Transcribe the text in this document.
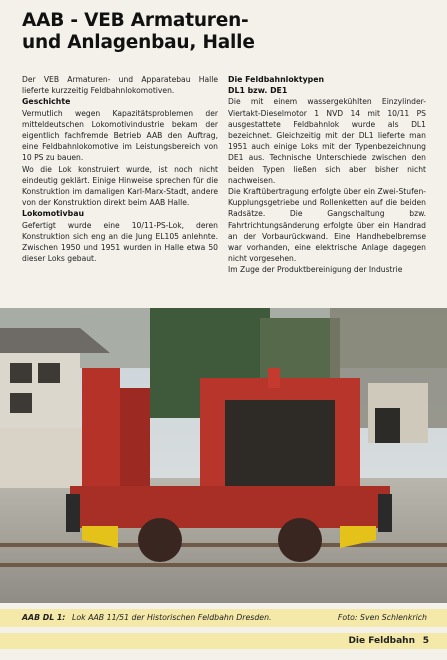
AAB - VEB Armaturen-
und Anlagenbau, Halle

Der VEB Armaturen- und Apparatebau Halle lieferte kurzzeitig Feldbahnlokomotiven.

Geschichte

Vermutlich wegen Kapazitätsproblemen der mitteldeutschen Lokomotivindustrie bekam der eigentlich fachfremde Betrieb AAB den Auftrag, eine Feldbahnlokomotive im Leistungsbereich von 10 PS zu bauen.

Wo die Lok konstruiert wurde, ist noch nicht eindeutig geklärt. Einige Hinweise sprechen für die Konstruktion im damaligen Karl-Marx-Stadt, andere von der Konstruktion direkt beim AAB Halle.

Lokomotivbau

Gefertigt wurde eine 10/11-PS-Lok, deren Konstruktion sich eng an die Jung EL105 anlehnte. Zwischen 1950 und 1951 wurden in Halle etwa 50 dieser Loks gebaut.

Die Feldbahnloktypen
DL1 bzw. DE1

Die mit einem wassergekühlten Einzylinder-Viertakt-Dieselmotor 1 NVD 14 mit 10/11 PS ausgestattete Feldbahnlok wurde als DL1 bezeichnet. Gleichzeitig mit der DL1 lieferte man 1951 auch einige Loks mit der Typenbezeichnung DE1 aus. Technische Unterschiede zwischen den beiden Typen ließen sich aber bisher nicht nachweisen.

Die Kraftübertragung erfolgte über ein Zwei-Stufen-Kupplungsgetriebe und Rollenketten auf die beiden Radsätze. Die Gangschaltung bzw. Fahrtrichtungsänderung erfolgte über ein Handrad an der Vorbaurückwand. Eine Handhebelbremse war vorhanden, eine elektrische Anlage dagegen nicht vorgesehen.

Im Zuge der Produktbereinigung der Industrie

AAB DL 1: Lok AAB 11/51 der Historischen Feldbahn Dresden.	Foto: Sven Schlenkrich
Die Feldbahn 5
